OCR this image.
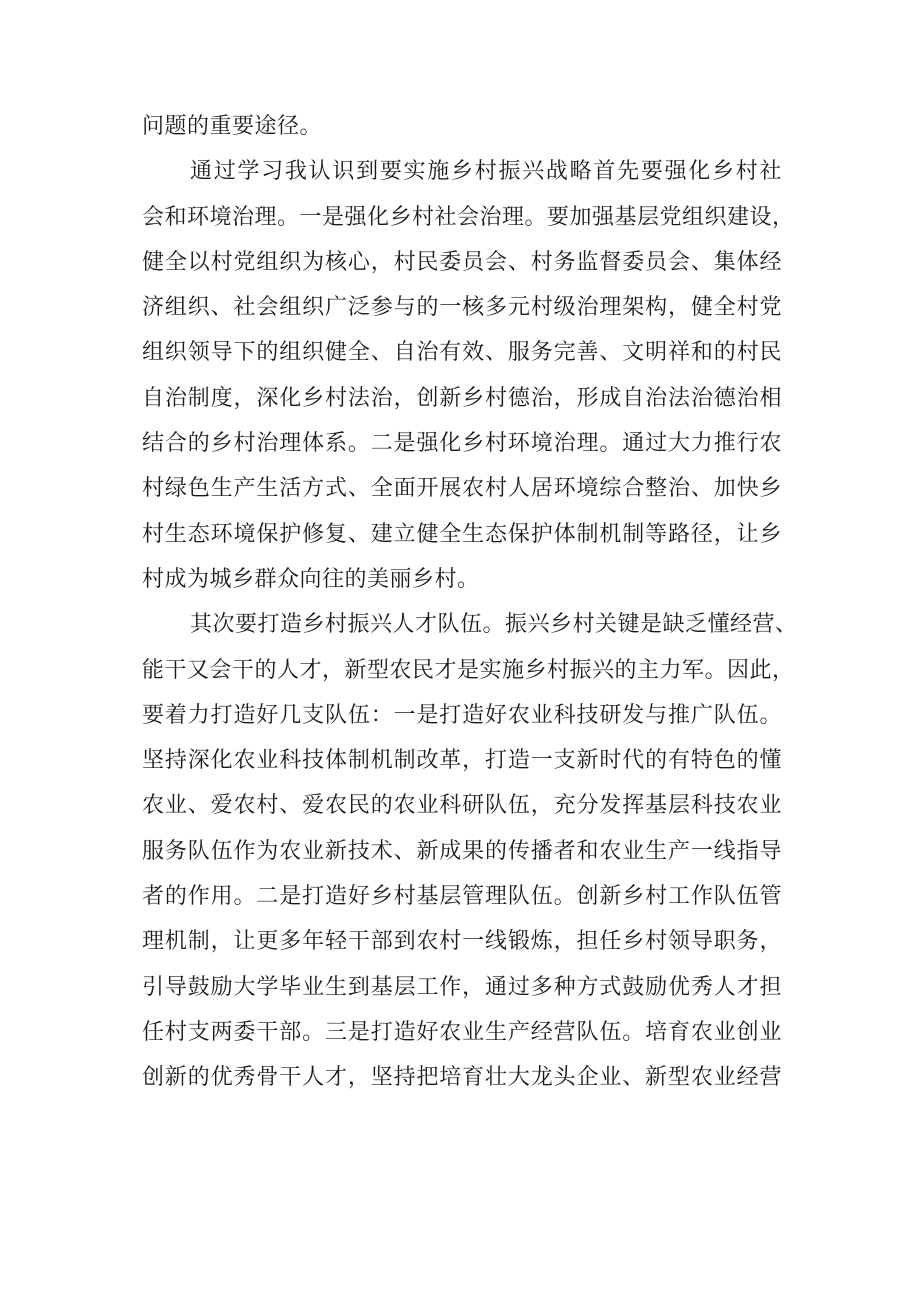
问题的重要途径。
通过学习我认识到要实施乡村振兴战略首先要强化乡村社
会和环境治理。一是强化乡村社会治理。要加强基层党组织建设，
健全以村党组织为核心，村民委员会、村务监督委员会、集体经
济组织、社会组织广泛参与的一核多元村级治理架构，健全村党
组织领导下的组织健全、自治有效、服务完善、文明祥和的村民
自治制度，深化乡村法治，创新乡村德治，形成自治法治德治相
结合的乡村治理体系。二是强化乡村环境治理。通过大力推行农
村绿色生产生活方式、全面开展农村人居环境综合整治、加快乡
村生态环境保护修复、建立健全生态保护体制机制等路径，让乡
村成为城乡群众向往的美丽乡村。
其次要打造乡村振兴人才队伍。振兴乡村关键是缺乏懂经营、
能干又会干的人才，新型农民才是实施乡村振兴的主力军。因此，
要着力打造好几支队伍：一是打造好农业科技研发与推广队伍。
坚持深化农业科技体制机制改革，打造一支新时代的有特色的懂
农业、爱农村、爱农民的农业科研队伍，充分发挥基层科技农业
服务队伍作为农业新技术、新成果的传播者和农业生产一线指导
者的作用。二是打造好乡村基层管理队伍。创新乡村工作队伍管
理机制，让更多年轻干部到农村一线锻炼，担任乡村领导职务，
引导鼓励大学毕业生到基层工作，通过多种方式鼓励优秀人才担
任村支两委干部。三是打造好农业生产经营队伍。培育农业创业
创新的优秀骨干人才，坚持把培育壮大龙头企业、新型农业经营
